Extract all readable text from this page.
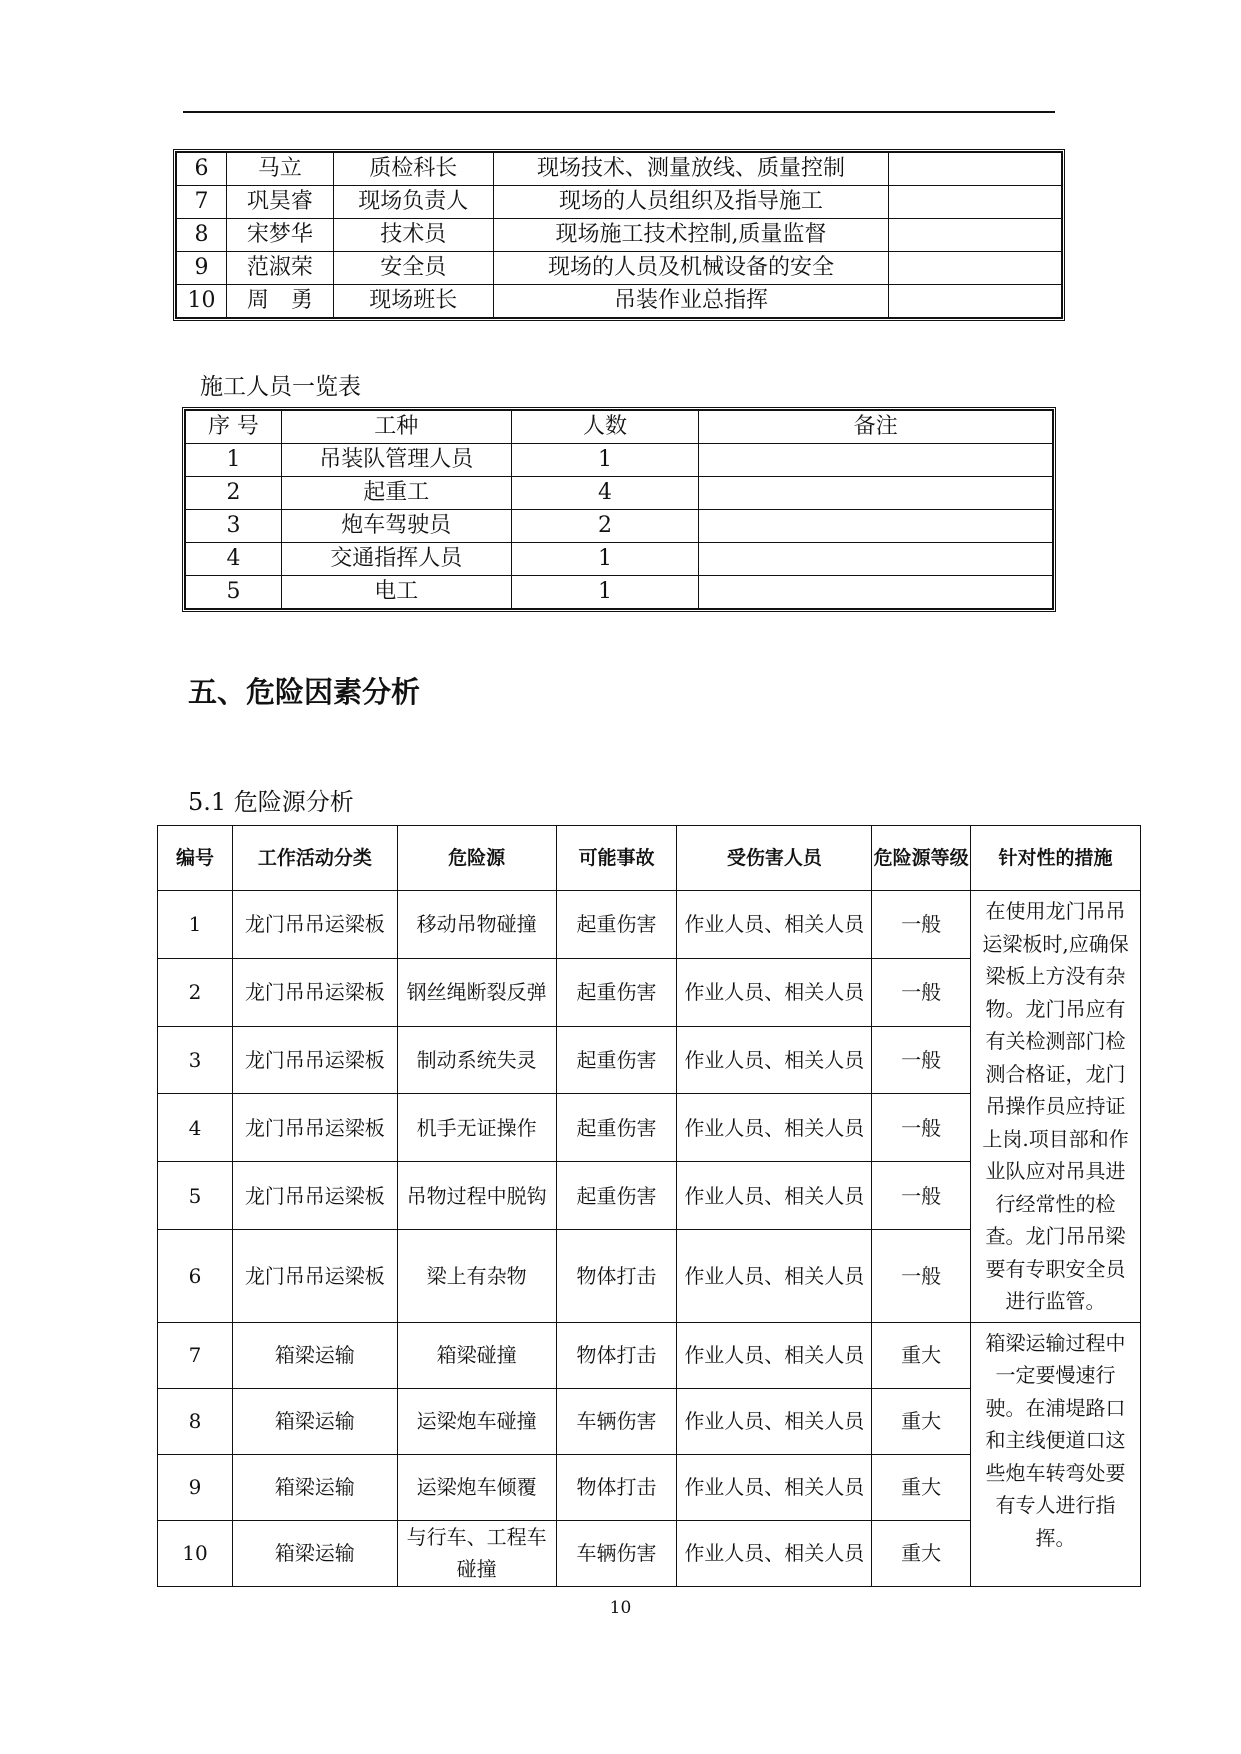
6	马立	质检科长	现场技术、测量放线、质量控制	
7	巩昊睿	现场负责人	现场的人员组织及指导施工	
8	宋梦华	技术员	现场施工技术控制,质量监督	
9	范淑荣	安全员	现场的人员及机械设备的安全	
10	周　勇	现场班长	吊装作业总指挥	
施工人员一览表
序 号	工种	人数	备注
1	吊装队管理人员	1	
2	起重工	4	
3	炮车驾驶员	2	
4	交通指挥人员	1	
5	电工	1	
五、危险因素分析
5.1 危险源分析
编号	工作活动分类	危险源	可能事故	受伤害人员	危险源等级	针对性的措施
1	龙门吊吊运梁板	移动吊物碰撞	起重伤害	作业人员、相关人员	一般	在使用龙门吊吊运梁板时,应确保梁板上方没有杂物。龙门吊应有有关检测部门检测合格证，龙门吊操作员应持证上岗.项目部和作业队应对吊具进行经常性的检查。龙门吊吊梁要有专职安全员进行监管。
2	龙门吊吊运梁板	钢丝绳断裂反弹	起重伤害	作业人员、相关人员	一般	
3	龙门吊吊运梁板	制动系统失灵	起重伤害	作业人员、相关人员	一般	
4	龙门吊吊运梁板	机手无证操作	起重伤害	作业人员、相关人员	一般	
5	龙门吊吊运梁板	吊物过程中脱钩	起重伤害	作业人员、相关人员	一般	
6	龙门吊吊运梁板	梁上有杂物	物体打击	作业人员、相关人员	一般	
7	箱梁运输	箱梁碰撞	物体打击	作业人员、相关人员	重大	箱梁运输过程中一定要慢速行驶。在浦堤路口和主线便道口这些炮车转弯处要有专人进行指挥。
8	箱梁运输	运梁炮车碰撞	车辆伤害	作业人员、相关人员	重大	
9	箱梁运输	运梁炮车倾覆	物体打击	作业人员、相关人员	重大	
10	箱梁运输	与行车、工程车碰撞	车辆伤害	作业人员、相关人员	重大	
10
